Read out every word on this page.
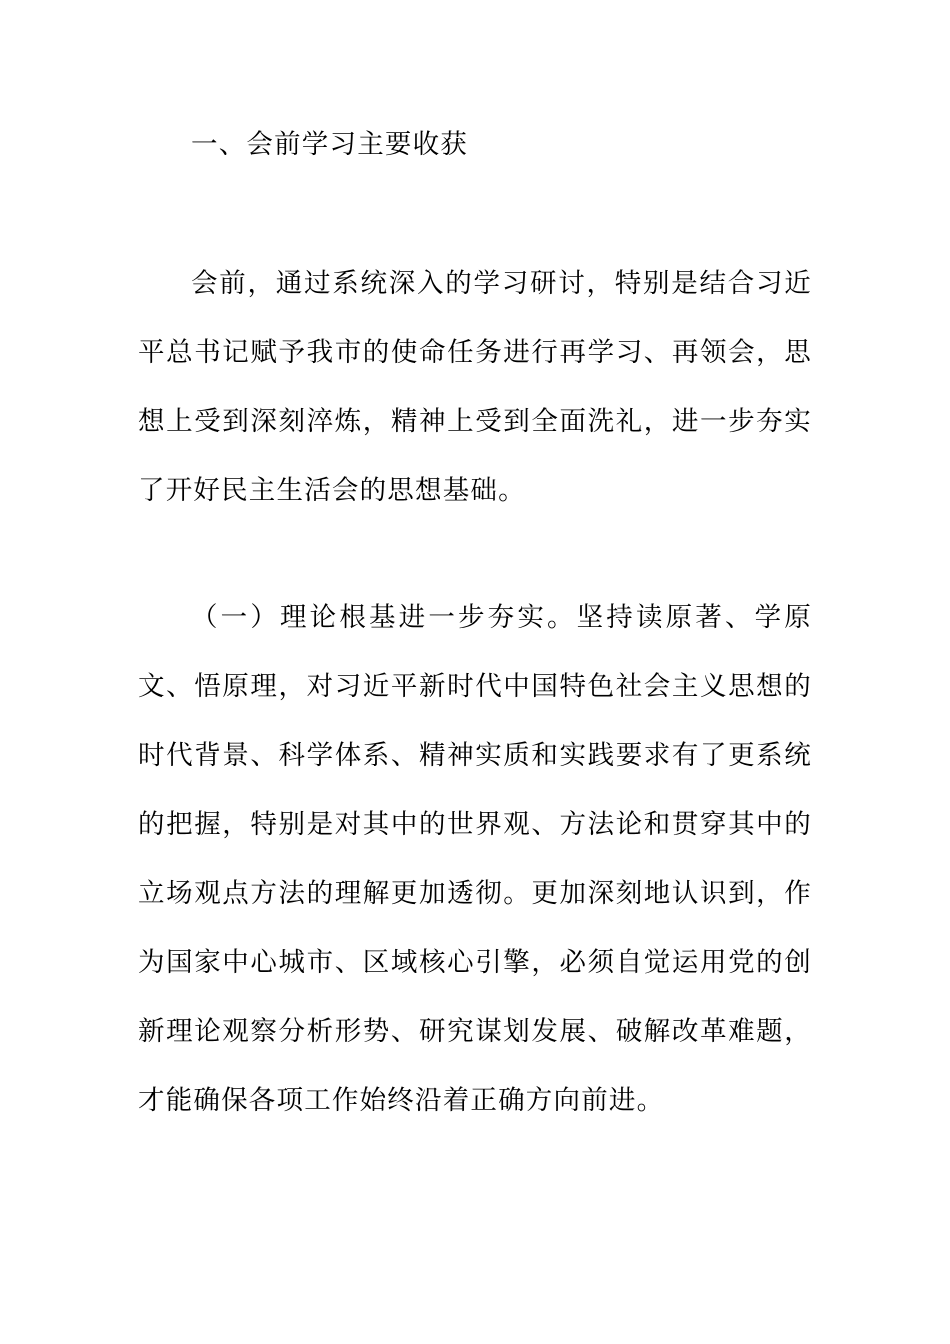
一、会前学习主要收获

会前，通过系统深入的学习研讨，特别是结合习近平总书记赋予我市的使命任务进行再学习、再领会，思想上受到深刻淬炼，精神上受到全面洗礼，进一步夯实了开好民主生活会的思想基础。

（一）理论根基进一步夯实。坚持读原著、学原文、悟原理，对习近平新时代中国特色社会主义思想的时代背景、科学体系、精神实质和实践要求有了更系统的把握，特别是对其中的世界观、方法论和贯穿其中的立场观点方法的理解更加透彻。更加深刻地认识到，作为国家中心城市、区域核心引擎，必须自觉运用党的创新理论观察分析形势、研究谋划发展、破解改革难题，才能确保各项工作始终沿着正确方向前进。
